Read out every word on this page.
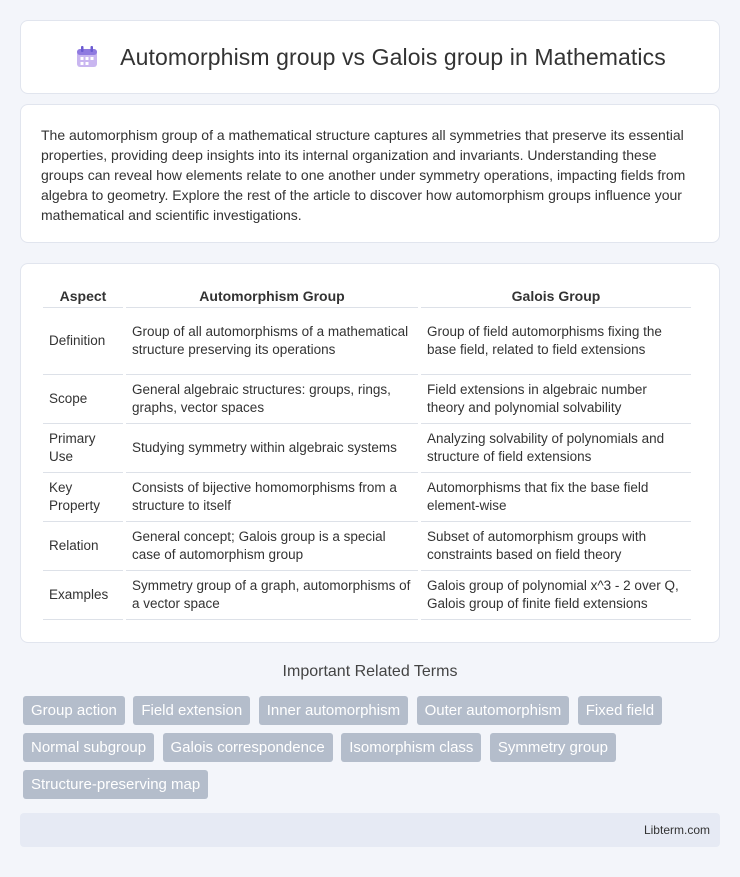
Automorphism group vs Galois group in Mathematics

The automorphism group of a mathematical structure captures all symmetries that preserve its essential properties, providing deep insights into its internal organization and invariants. Understanding these groups can reveal how elements relate to one another under symmetry operations, impacting fields from algebra to geometry. Explore the rest of the article to discover how automorphism groups influence your mathematical and scientific investigations.

Aspect	Automorphism Group	Galois Group
Definition	Group of all automorphisms of a mathematical structure preserving its operations	Group of field automorphisms fixing the base field, related to field extensions
Scope	General algebraic structures: groups, rings, graphs, vector spaces	Field extensions in algebraic number theory and polynomial solvability
Primary Use	Studying symmetry within algebraic systems	Analyzing solvability of polynomials and structure of field extensions
Key Property	Consists of bijective homomorphisms from a structure to itself	Automorphisms that fix the base field element-wise
Relation	General concept; Galois group is a special case of automorphism group	Subset of automorphism groups with constraints based on field theory
Examples	Symmetry group of a graph, automorphisms of a vector space	Galois group of polynomial x^3 - 2 over Q, Galois group of finite field extensions
Important Related Terms
Group action Field extension Inner automorphism Outer automorphism Fixed field Normal subgroup Galois correspondence Isomorphism class Symmetry group Structure-preserving map
Libterm.com
